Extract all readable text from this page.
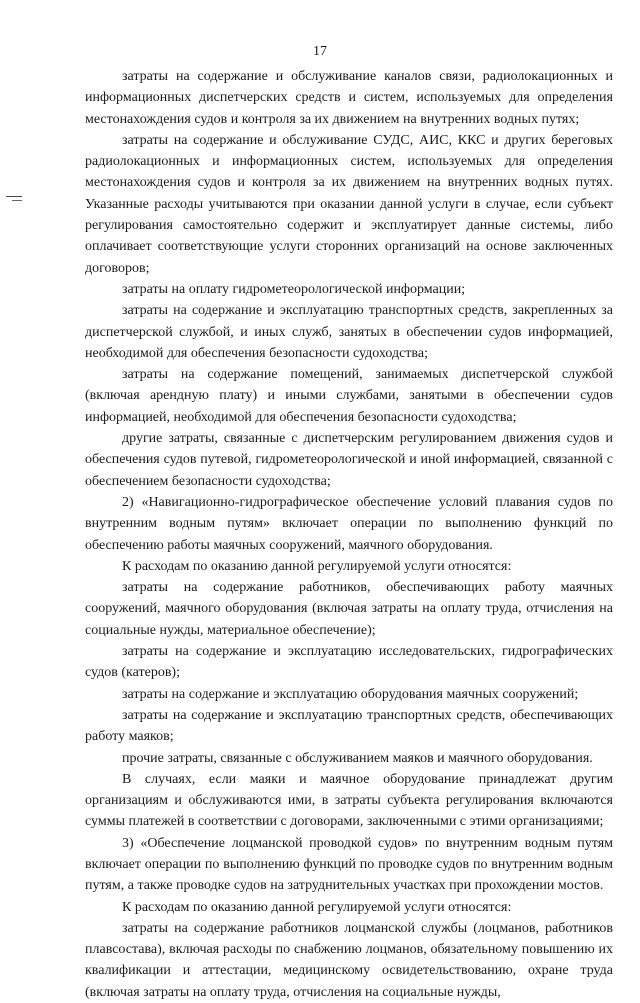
17

затраты на содержание и обслуживание каналов связи, радиолокационных и информационных диспетчерских средств и систем, используемых для определения местонахождения судов и контроля за их движением на внутренних водных путях;

затраты на содержание и обслуживание СУДС, АИС, ККС и других береговых радиолокационных и информационных систем, используемых для определения местонахождения судов и контроля за их движением на внутренних водных путях. Указанные расходы учитываются при оказании данной услуги в случае, если субъект регулирования самостоятельно содержит и эксплуатирует данные системы, либо оплачивает соответствующие услуги сторонних организаций на основе заключенных договоров;

затраты на оплату гидрометеорологической информации;

затраты на содержание и эксплуатацию транспортных средств, закрепленных за диспетчерской службой, и иных служб, занятых в обеспечении судов информацией, необходимой для обеспечения безопасности судоходства;

затраты на содержание помещений, занимаемых диспетчерской службой (включая арендную плату) и иными службами, занятыми в обеспечении судов информацией, необходимой для обеспечения безопасности судоходства;

другие затраты, связанные с диспетчерским регулированием движения судов и обеспечения судов путевой, гидрометеорологической и иной информацией, связанной с обеспечением безопасности судоходства;

2) «Навигационно-гидрографическое обеспечение условий плавания судов по внутренним водным путям» включает операции по выполнению функций по обеспечению работы маячных сооружений, маячного оборудования.

К расходам по оказанию данной регулируемой услуги относятся:

затраты на содержание работников, обеспечивающих работу маячных сооружений, маячного оборудования (включая затраты на оплату труда, отчисления на социальные нужды, материальное обеспечение);

затраты на содержание и эксплуатацию исследовательских, гидрографических судов (катеров);

затраты на содержание и эксплуатацию оборудования маячных сооружений;

затраты на содержание и эксплуатацию транспортных средств, обеспечивающих работу маяков;

прочие затраты, связанные с обслуживанием маяков и маячного оборудования.

В случаях, если маяки и маячное оборудование принадлежат другим организациям и обслуживаются ими, в затраты субъекта регулирования включаются суммы платежей в соответствии с договорами, заключенными с этими организациями;

3) «Обеспечение лоцманской проводкой судов» по внутренним водным путям включает операции по выполнению функций по проводке судов по внутренним водным путям, а также проводке судов на затруднительных участках при прохождении мостов.

К расходам по оказанию данной регулируемой услуги относятся:

затраты на содержание работников лоцманской службы (лоцманов, работников плавсостава), включая расходы по снабжению лоцманов, обязательному повышению их квалификации и аттестации, медицинскому освидетельствованию, охране труда (включая затраты на оплату труда, отчисления на социальные нужды,
